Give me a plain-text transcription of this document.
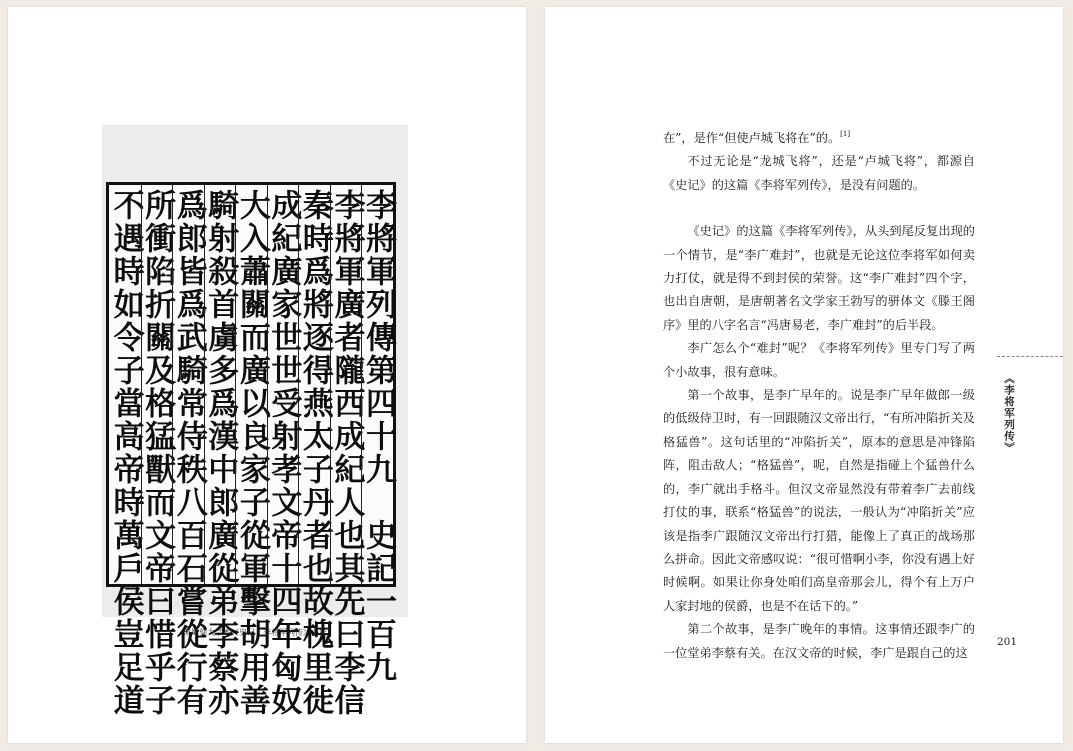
李將軍列傳第四十九　史記一百九
李將軍廣者隴西成紀人也其先曰李信
秦時爲將逐得燕太子丹者也故槐里徙
成紀廣家世世受射孝文帝十四年匈奴
大入蕭關而廣以良家子從軍擊胡用善
騎射殺首虜多爲漢中郎廣從弟李蔡亦
爲郎皆爲武騎常侍秩八百石嘗從行有
所衝陷折關及格猛獸而文帝曰惜乎子
不遇時如令子當高帝時萬戶侯豈足道	宋蜀刻大字本《史记・李将军列传》书影

在”，是作“但使卢城飞将在”的。[1]

不过无论是“龙城飞将”，还是“卢城飞将”，都源自《史记》的这篇《李将军列传》，是没有问题的。

《史记》的这篇《李将军列传》，从头到尾反复出现的一个情节，是“李广难封”，也就是无论这位李将军如何卖力打仗，就是得不到封侯的荣誉。这“李广难封”四个字，也出自唐朝，是唐朝著名文学家王勃写的骈体文《滕王阁序》里的八字名言“冯唐易老，李广难封”的后半段。

李广怎么个“难封”呢？《李将军列传》里专门写了两个小故事，很有意味。

第一个故事，是李广早年的。说是李广早年做郎一级的低级侍卫时，有一回跟随汉文帝出行，“有所冲陷折关及格猛兽”。这句话里的“冲陷折关”，原本的意思是冲锋陷阵，阻击敌人；“格猛兽”，呢，自然是指碰上个猛兽什么的，李广就出手格斗。但汉文帝显然没有带着李广去前线打仗的事，联系“格猛兽”的说法，一般认为“冲陷折关”应该是指李广跟随汉文帝出行打猎，能像上了真正的战场那么拼命。因此文帝感叹说：“很可惜啊小李，你没有遇上好时候啊。如果让你身处咱们高皇帝那会儿，得个有上万户人家封地的侯爵，也是不在话下的。”

第二个故事，是李广晚年的事情。这事情还跟李广的一位堂弟李蔡有关。在汉文帝的时候，李广是跟自己的这

《李将军列传》
201
